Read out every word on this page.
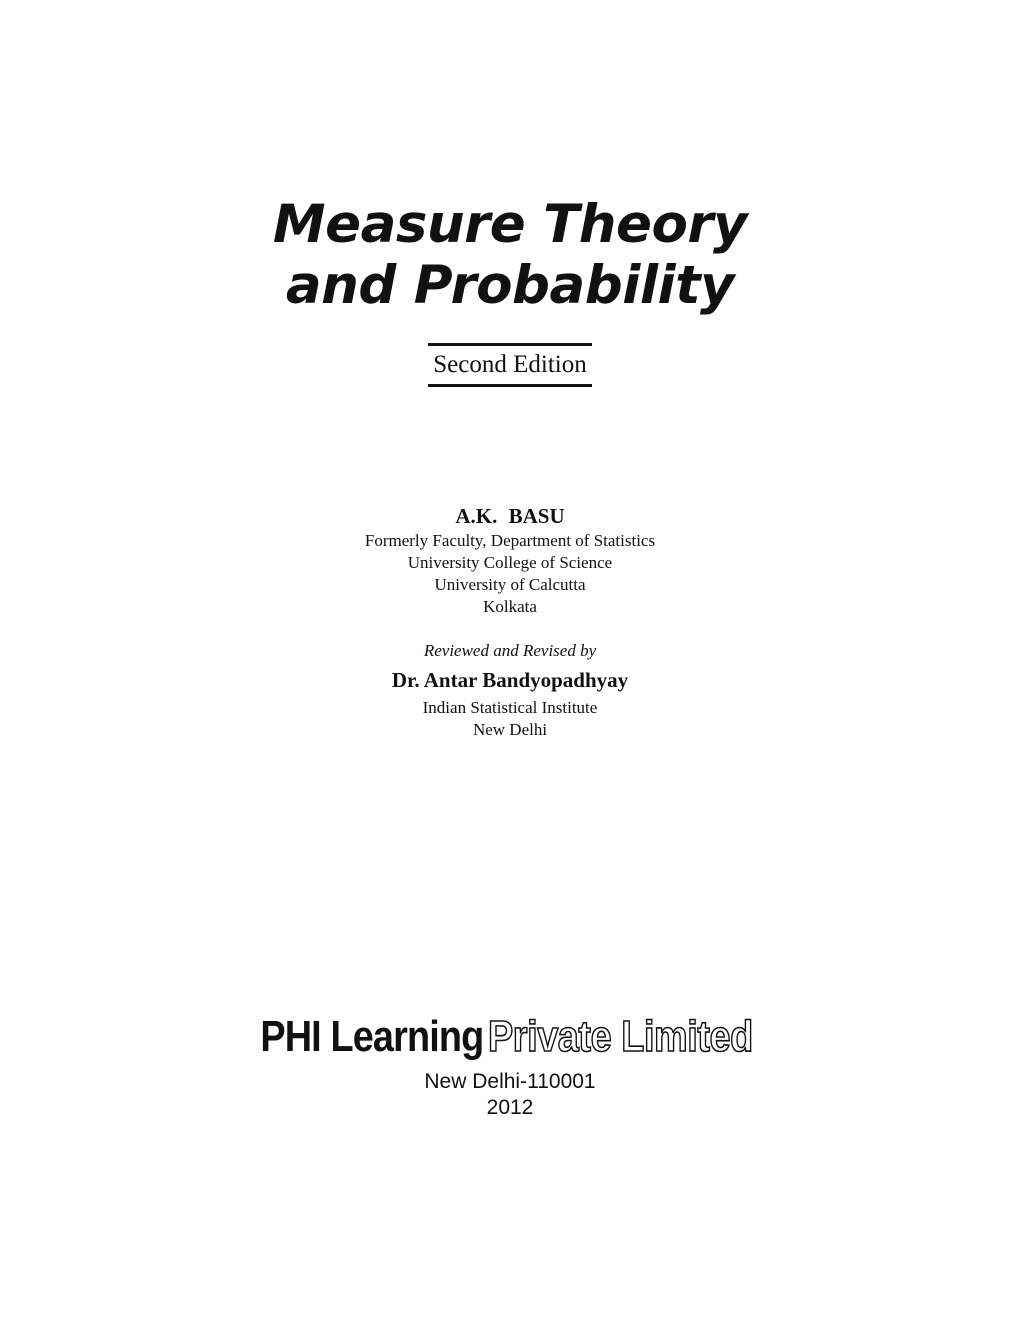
Measure Theory
and Probability
Second Edition

A.K. BASU

Formerly Faculty, Department of Statistics

University College of Science

University of Calcutta

Kolkata

Reviewed and Revised by

Dr. Antar Bandyopadhyay

Indian Statistical Institute

New Delhi

PHI Learning Private Limited

New Delhi-110001

2012
